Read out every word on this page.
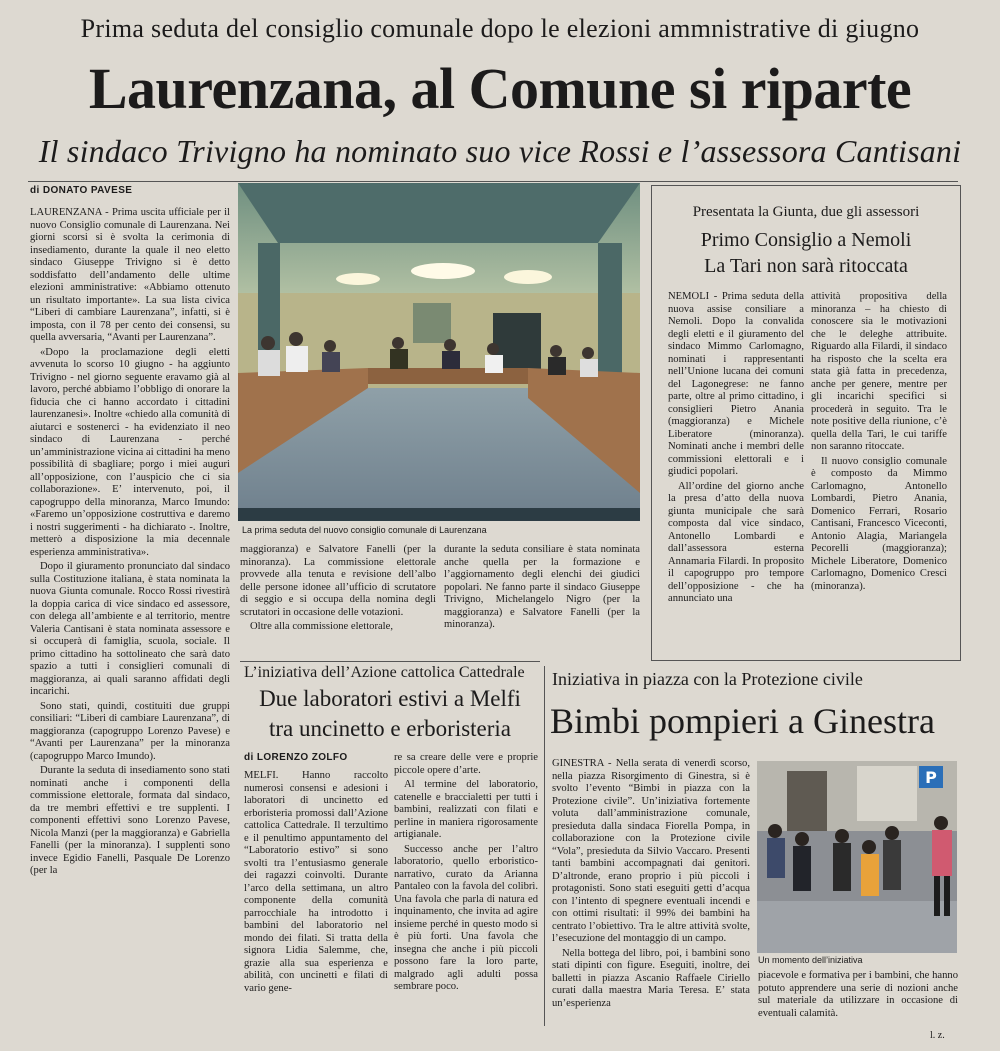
Prima seduta del consiglio comunale dopo le elezioni ammnistrative di giugno
Laurenzana, al Comune si riparte
Il sindaco Trivigno ha nominato suo vice Rossi e l’assessora Cantisani
di DONATO PAVESE

LAURENZANA - Prima uscita ufficiale per il nuovo Consiglio comunale di Laurenzana. Nei giorni scorsi si è svolta la cerimonia di insediamento, durante la quale il neo eletto sindaco Giuseppe Trivigno si è detto soddisfatto dell’andamento delle ultime elezioni amministrative: «Abbiamo ottenuto un risultato importante». La sua lista civica “Liberi di cambiare Laurenzana”, infatti, si è imposta, con il 78 per cento dei consensi, su quella avversaria, “Avanti per Laurenzana”.

«Dopo la proclamazione degli eletti avvenuta lo scorso 10 giugno - ha aggiunto Trivigno - nel giorno seguente eravamo già al lavoro, perché abbiamo l’obbligo di onorare la fiducia che ci hanno accordato i cittadini laurenzanesi». Inoltre «chiedo alla comunità di aiutarci e sostenerci - ha evidenziato il neo sindaco di Laurenzana - perché un’amministrazione vicina ai cittadini ha meno possibilità di sbagliare; porgo i miei auguri all’opposizione, con l’auspicio che ci sia collaborazione». E’ intervenuto, poi, il capogruppo della minoranza, Marco Imundo: «Faremo un’opposizione costruttiva e daremo i nostri suggerimenti - ha dichiarato -. Inoltre, metterò a disposizione la mia decennale esperienza amministrativa».

Dopo il giuramento pronunciato dal sindaco sulla Costituzione italiana, è stata nominata la nuova Giunta comunale. Rocco Rossi rivestirà la doppia carica di vice sindaco ed assessore, con delega all’ambiente e al territorio, mentre Valeria Cantisani è stata nominata assessore e si occuperà di famiglia, scuola, sociale. Il primo cittadino ha sottolineato che sarà dato spazio a tutti i consiglieri comunali di maggioranza, ai quali saranno affidati degli incarichi.

Sono stati, quindi, costituiti due gruppi consiliari: “Liberi di cambiare Laurenzana”, di maggioranza (capogruppo Lorenzo Pavese) e “Avanti per Laurenzana” per la minoranza (capogruppo Marco Imundo).

Durante la seduta di insediamento sono stati nominati anche i componenti della commissione elettorale, formata dal sindaco, da tre membri effettivi e tre supplenti. I componenti effettivi sono Lorenzo Pavese, Nicola Manzi (per la maggioranza) e Gabriella Fanelli (per la minoranza). I supplenti sono invece Egidio Fanelli, Pasquale De Lorenzo (per la

La prima seduta del nuovo consiglio comunale di Laurenzana

maggioranza) e Salvatore Fanelli (per la minoranza). La commissione elettorale provvede alla tenuta e revisione dell’albo delle persone idonee all’ufficio di scrutatore di seggio e si occupa della nomina degli scrutatori in occasione delle votazioni.

Oltre alla commissione elettorale,

durante la seduta consiliare è stata nominata anche quella per la formazione e l’aggiornamento degli elenchi dei giudici popolari. Ne fanno parte il sindaco Giuseppe Trivigno, Michelangelo Nigro (per la maggioranza) e Salvatore Fanelli (per la minoranza).

Presentata la Giunta, due gli assessori
Primo Consiglio a Nemoli
La Tari non sarà ritoccata

NEMOLI - Prima seduta della nuova assise consiliare a Nemoli. Dopo la convalida degli eletti e il giuramento del sindaco Mimmo Carlomagno, nominati i rappresentanti nell’Unione lucana dei comuni del Lagonegrese: ne fanno parte, oltre al primo cittadino, i consiglieri Pietro Anania (maggioranza) e Michele Liberatore (minoranza). Nominati anche i membri delle commissioni elettorali e i giudici popolari.

All’ordine del giorno anche la presa d’atto della nuova giunta municipale che sarà composta dal vice sindaco, Antonello Lombardi e dall’assessora esterna Annamaria Filardi. In proposito il capogruppo pro tempore dell’opposizione - che ha annunciato una

attività propositiva della minoranza – ha chiesto di conoscere sia le motivazioni che le deleghe attribuite. Riguardo alla Filardi, il sindaco ha risposto che la scelta era stata già fatta in precedenza, anche per genere, mentre per gli incarichi specifici si procederà in seguito. Tra le note positive della riunione, c’è quella della Tari, le cui tariffe non saranno ritoccate.

Il nuovo consiglio comunale è composto da Mimmo Carlomagno, Antonello Lombardi, Pietro Anania, Domenico Ferrari, Rosario Cantisani, Francesco Viceconti, Antonio Alagia, Mariangela Pecorelli (maggioranza); Michele Liberatore, Domenico Carlomagno, Domenico Cresci (minoranza).

L’iniziativa dell’Azione cattolica Cattedrale
Due laboratori estivi a Melfi
tra uncinetto e erboristeria
di LORENZO ZOLFO

MELFI. Hanno raccolto numerosi consensi e adesioni i laboratori di uncinetto ed erboristeria promossi dall’Azione cattolica Cattedrale. Il terzultimo e il penultimo appuntamento del “Laboratorio estivo” si sono svolti tra l’entusiasmo generale dei ragazzi coinvolti. Durante l’arco della settimana, un altro componente della comunità parrocchiale ha introdotto i bambini del laboratorio nel mondo dei filati. Si tratta della signora Lidia Salemme, che, grazie alla sua esperienza e abilità, con uncinetti e filati di vario gene-

re sa creare delle vere e proprie piccole opere d’arte.

Al termine del laboratorio, catenelle e braccialetti per tutti i bambini, realizzati con filati e perline in maniera rigorosamente artigianale.

Successo anche per l’altro laboratorio, quello erboristico-narrativo, curato da Arianna Pantaleo con la favola del colibrì. Una favola che parla di natura ed inquinamento, che invita ad agire insieme perché in questo modo si è più forti. Una favola che insegna che anche i più piccoli possono fare la loro parte, malgrado agli adulti possa sembrare poco.

Iniziativa in piazza con la Protezione civile
Bimbi pompieri a Ginestra

GINESTRA - Nella serata di venerdì scorso, nella piazza Risorgimento di Ginestra, si è svolto l’evento “Bimbi in piazza con la Protezione civile”. Un’iniziativa fortemente voluta dall’amministrazione comunale, presieduta dalla sindaca Fiorella Pompa, in collaborazione con la Protezione civile “Vola”, presieduta da Silvio Vaccaro. Presenti tanti bambini accompagnati dai genitori. D’altronde, erano proprio i più piccoli i protagonisti. Sono stati eseguiti getti d’acqua con l’intento di spegnere eventuali incendi e con ottimi risultati: il 99% dei bambini ha centrato l’obiettivo. Tra le altre attività svolte, l’esecuzione del montaggio di un campo.

Nella bottega del libro, poi, i bambini sono stati dipinti con figure. Eseguiti, inoltre, dei balletti in piazza Ascanio Raffaele Ciriello curati dalla maestra Maria Teresa. E’ stata un’esperienza

P
Un momento dell’iniziativa

piacevole e formativa per i bambini, che hanno potuto apprendere una serie di nozioni anche sul materiale da utilizzare in occasione di eventuali calamità.

l. z.
